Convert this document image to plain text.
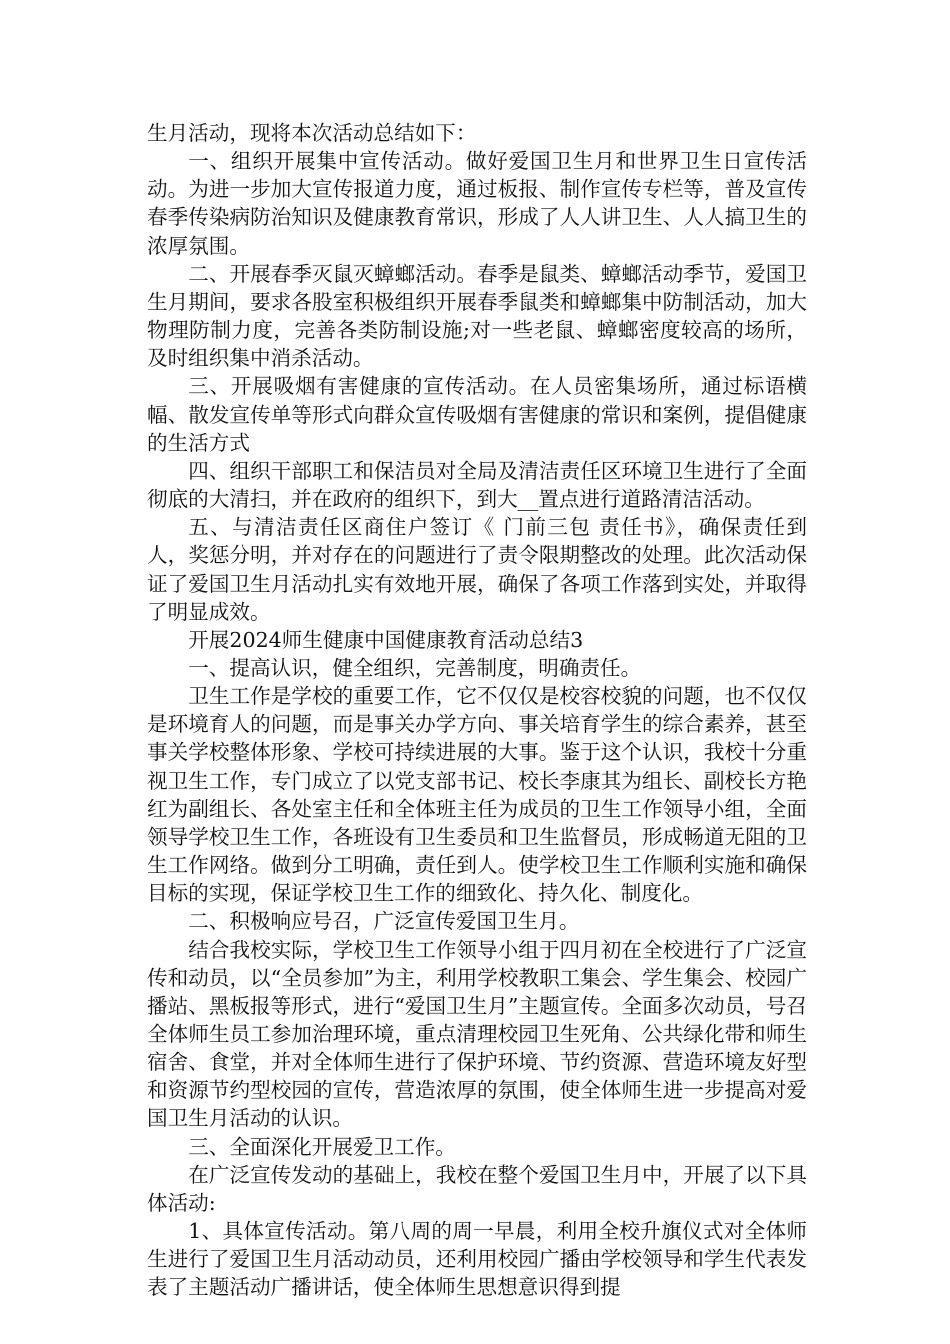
生月活动，现将本次活动总结如下：

一、组织开展集中宣传活动。做好爱国卫生月和世界卫生日宣传活动。为进一步加大宣传报道力度，通过板报、制作宣传专栏等，普及宣传春季传染病防治知识及健康教育常识，形成了人人讲卫生、人人搞卫生的浓厚氛围。

二、开展春季灭鼠灭蟑螂活动。春季是鼠类、蟑螂活动季节，爱国卫生月期间，要求各股室积极组织开展春季鼠类和蟑螂集中防制活动，加大物理防制力度，完善各类防制设施;对一些老鼠、蟑螂密度较高的场所，及时组织集中消杀活动。

三、开展吸烟有害健康的宣传活动。在人员密集场所，通过标语横幅、散发宣传单等形式向群众宣传吸烟有害健康的常识和案例，提倡健康的生活方式

四、组织干部职工和保洁员对全局及清洁责任区环境卫生进行了全面彻底的大清扫，并在政府的组织下，到大__置点进行道路清洁活动。

五、与清洁责任区商住户签订《 门前三包 责任书》，确保责任到人，奖惩分明，并对存在的问题进行了责令限期整改的处理。此次活动保证了爱国卫生月活动扎实有效地开展，确保了各项工作落到实处，并取得了明显成效。

开展2024师生健康中国健康教育活动总结3

一、提高认识，健全组织，完善制度，明确责任。

卫生工作是学校的重要工作，它不仅仅是校容校貌的问题，也不仅仅是环境育人的问题，而是事关办学方向、事关培育学生的综合素养，甚至事关学校整体形象、学校可持续进展的大事。鉴于这个认识，我校十分重视卫生工作，专门成立了以党支部书记、校长李康其为组长、副校长方艳红为副组长、各处室主任和全体班主任为成员的卫生工作领导小组，全面领导学校卫生工作，各班设有卫生委员和卫生监督员，形成畅道无阻的卫生工作网络。做到分工明确，责任到人。使学校卫生工作顺利实施和确保目标的实现，保证学校卫生工作的细致化、持久化、制度化。

二、积极响应号召，广泛宣传爱国卫生月。

结合我校实际，学校卫生工作领导小组于四月初在全校进行了广泛宣传和动员，以“全员参加”为主，利用学校教职工集会、学生集会、校园广播站、黑板报等形式，进行“爱国卫生月”主题宣传。全面多次动员，号召全体师生员工参加治理环境，重点清理校园卫生死角、公共绿化带和师生宿舍、食堂，并对全体师生进行了保护环境、节约资源、营造环境友好型和资源节约型校园的宣传，营造浓厚的氛围，使全体师生进一步提高对爱国卫生月活动的认识。

三、全面深化开展爱卫工作。

在广泛宣传发动的基础上，我校在整个爱国卫生月中，开展了以下具体活动:

1、具体宣传活动。第八周的周一早晨，利用全校升旗仪式对全体师生进行了爱国卫生月活动动员，还利用校园广播由学校领导和学生代表发表了主题活动广播讲话，使全体师生思想意识得到提
